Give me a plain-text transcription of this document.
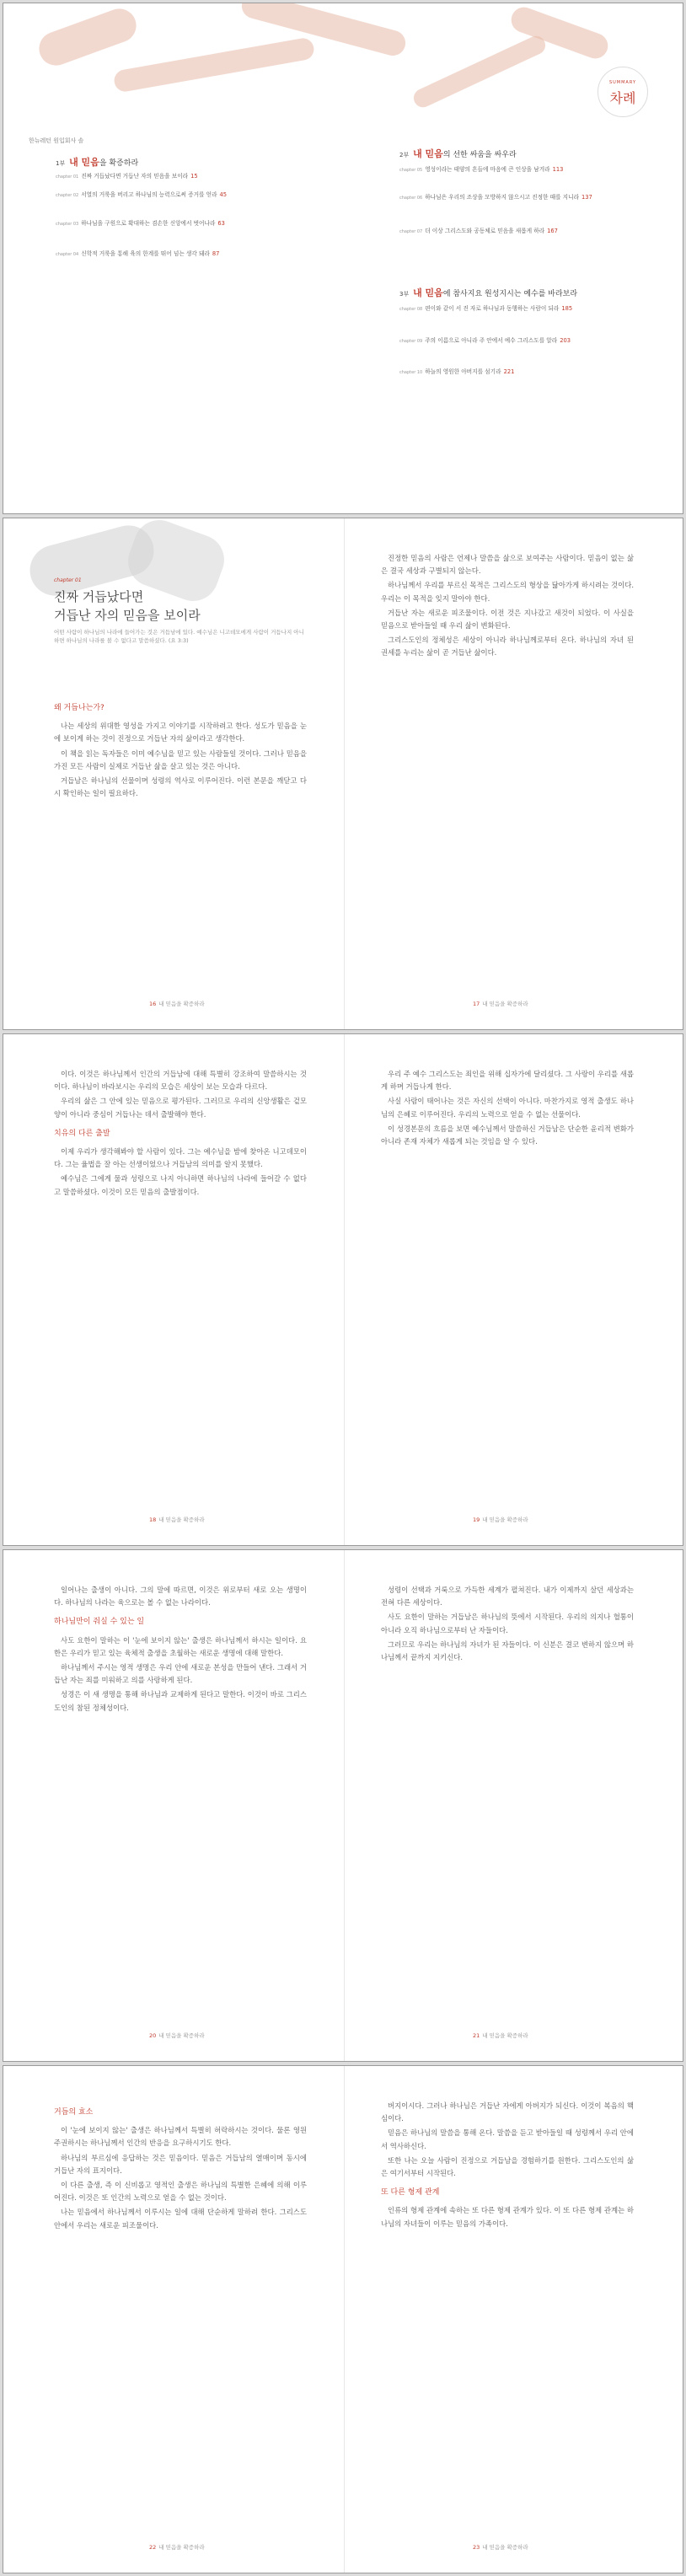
한뉴레턴 원입회사 솔
SUMMARY
차례
1부 내 믿음을 확증하라
chapter 01 진짜 거듭났다면 거듭난 자의 믿음을 보이라 15
chapter 02 서열의 거룩을 버리고 하나님의 능력으로써 증거를 얻라 45
chapter 03 하나님을 구원으로 확대하는 겸손한 신앙에서 벗어나라 63
chapter 04 신학적 거룩을 통해 육의 한계를 뛰어 넘는 생각 돼라 87
2부 내 믿음의 선한 싸움을 싸우라
chapter 05 영성이라는 태양의 흔들에 마음에 큰 인상을 남겨라 113
chapter 06 하나님은 우리의 조상을 모방하지 않으시고 진정한 때를 지니라 137
chapter 07 더 이상 그리스도와 공동체로 믿음을 새롭게 하라 167
3부 내 믿음에 참사지요 원성지시는 예수를 바라보라
chapter 08 편이와 같이 서 진 자로 하나님과 동행하는 사람이 되라 185
chapter 09 주의 이름으로 아니라 주 안에서 예수 그리스도를 알라 203
chapter 10 하늘의 영원한 아버지를 섬기라 221
chapter 01
진짜 거듭났다면
거듭난 자의 믿음을 보이라
어떤 사람이 하나님의 나라에 들어가는 것은 거듭남에 있다. 예수님은 니고데모에게 사람이 거듭나지 아니하면 하나님의 나라를 볼 수 없다고 말씀하셨다. (요 3:3)
왜 거듭나는가?

나는 세상의 위대한 영성을 가지고 이야기를 시작하려고 한다. 성도가 믿음을 눈에 보이게 하는 것이 진정으로 거듭난 자의 삶이라고 생각한다.

이 책을 읽는 독자들은 이미 예수님을 믿고 있는 사람들일 것이다. 그러나 믿음을 가진 모든 사람이 실제로 거듭난 삶을 살고 있는 것은 아니다.

거듭남은 하나님의 선물이며 성령의 역사로 이루어진다. 이런 본문을 깨닫고 다시 확인하는 일이 필요하다.

16 내 믿음을 확증하라

진정한 믿음의 사람은 언제나 말씀을 삶으로 보여주는 사람이다. 믿음이 없는 삶은 결국 세상과 구별되지 않는다.

하나님께서 우리를 부르신 목적은 그리스도의 형상을 닮아가게 하시려는 것이다. 우리는 이 목적을 잊지 말아야 한다.

거듭난 자는 새로운 피조물이다. 이전 것은 지나갔고 새것이 되었다. 이 사실을 믿음으로 받아들일 때 우리 삶이 변화된다.

그리스도인의 정체성은 세상이 아니라 하나님께로부터 온다. 하나님의 자녀 된 권세를 누리는 삶이 곧 거듭난 삶이다.

17 내 믿음을 확증하라

이다. 이것은 하나님께서 인간의 거듭남에 대해 특별히 강조하여 말씀하시는 것이다. 하나님이 바라보시는 우리의 모습은 세상이 보는 모습과 다르다.

우리의 삶은 그 안에 있는 믿음으로 평가된다. 그러므로 우리의 신앙생활은 겉모양이 아니라 중심이 거듭나는 데서 출발해야 한다.

치유의 다른 출발

이제 우리가 생각해봐야 할 사람이 있다. 그는 예수님을 밤에 찾아온 니고데모이다. 그는 율법을 잘 아는 선생이었으나 거듭남의 의미를 알지 못했다.

예수님은 그에게 물과 성령으로 나지 아니하면 하나님의 나라에 들어갈 수 없다고 말씀하셨다. 이것이 모든 믿음의 출발점이다.

18 내 믿음을 확증하라

우리 주 예수 그리스도는 죄인을 위해 십자가에 달리셨다. 그 사랑이 우리를 새롭게 하며 거듭나게 한다.

사실 사람이 태어나는 것은 자신의 선택이 아니다. 마찬가지로 영적 출생도 하나님의 은혜로 이루어진다. 우리의 노력으로 얻을 수 없는 선물이다.

이 성경본문의 흐름을 보면 예수님께서 말씀하신 거듭남은 단순한 윤리적 변화가 아니라 존재 자체가 새롭게 되는 것임을 알 수 있다.

19 내 믿음을 확증하라

일어나는 출생이 아니다. 그의 말에 따르면, 이것은 위로부터 새로 오는 생명이다. 하나님의 나라는 육으로는 볼 수 없는 나라이다.

하나님만이 줘실 수 있는 일

사도 요한이 말하는 이 '눈에 보이지 않는' 출생은 하나님께서 하시는 일이다. 요한은 우리가 믿고 있는 육체적 출생을 초월하는 새로운 생명에 대해 말한다.

하나님께서 주시는 영적 생명은 우리 안에 새로운 본성을 만들어 낸다. 그래서 거듭난 자는 죄를 미워하고 의를 사랑하게 된다.

성경은 이 새 생명을 통해 하나님과 교제하게 된다고 말한다. 이것이 바로 그리스도인의 참된 정체성이다.

20 내 믿음을 확증하라

성령이 선택과 거룩으로 가득한 세계가 펼쳐진다. 내가 이제까지 살던 세상과는 전혀 다른 세상이다.

사도 요한이 말하는 거듭남은 하나님의 뜻에서 시작된다. 우리의 의지나 혈통이 아니라 오직 하나님으로부터 난 자들이다.

그러므로 우리는 하나님의 자녀가 된 자들이다. 이 신분은 결코 변하지 않으며 하나님께서 끝까지 지키신다.

21 내 믿음을 확증하라
거듭의 효소

이 '눈에 보이지 않는' 출생은 하나님께서 특별히 허락하시는 것이다. 물론 영원 주권하시는 하나님께서 인간의 반응을 요구하시기도 한다.

하나님의 부르심에 응답하는 것은 믿음이다. 믿음은 거듭남의 열매이며 동시에 거듭난 자의 표지이다.

이 다른 출생, 즉 이 신비롭고 영적인 출생은 하나님의 특별한 은혜에 의해 이루어진다. 이것은 또 인간의 노력으로 얻을 수 없는 것이다.

나는 믿음에서 하나님께서 이루시는 일에 대해 단순하게 말하려 한다. 그리스도 안에서 우리는 새로운 피조물이다.

22 내 믿음을 확증하라

버지이시다. 그러나 하나님은 거듭난 자에게 아버지가 되신다. 이것이 복음의 핵심이다.

믿음은 하나님의 말씀을 통해 온다. 말씀을 듣고 받아들일 때 성령께서 우리 안에서 역사하신다.

또한 나는 오늘 사람이 진정으로 거듭남을 경험하기를 원한다. 그리스도인의 삶은 여기서부터 시작된다.

또 다른 형제 관계

인류의 형제 관계에 속하는 또 다른 형제 관계가 있다. 이 또 다른 형제 관계는 하나님의 자녀들이 이루는 믿음의 가족이다.

23 내 믿음을 확증하라
